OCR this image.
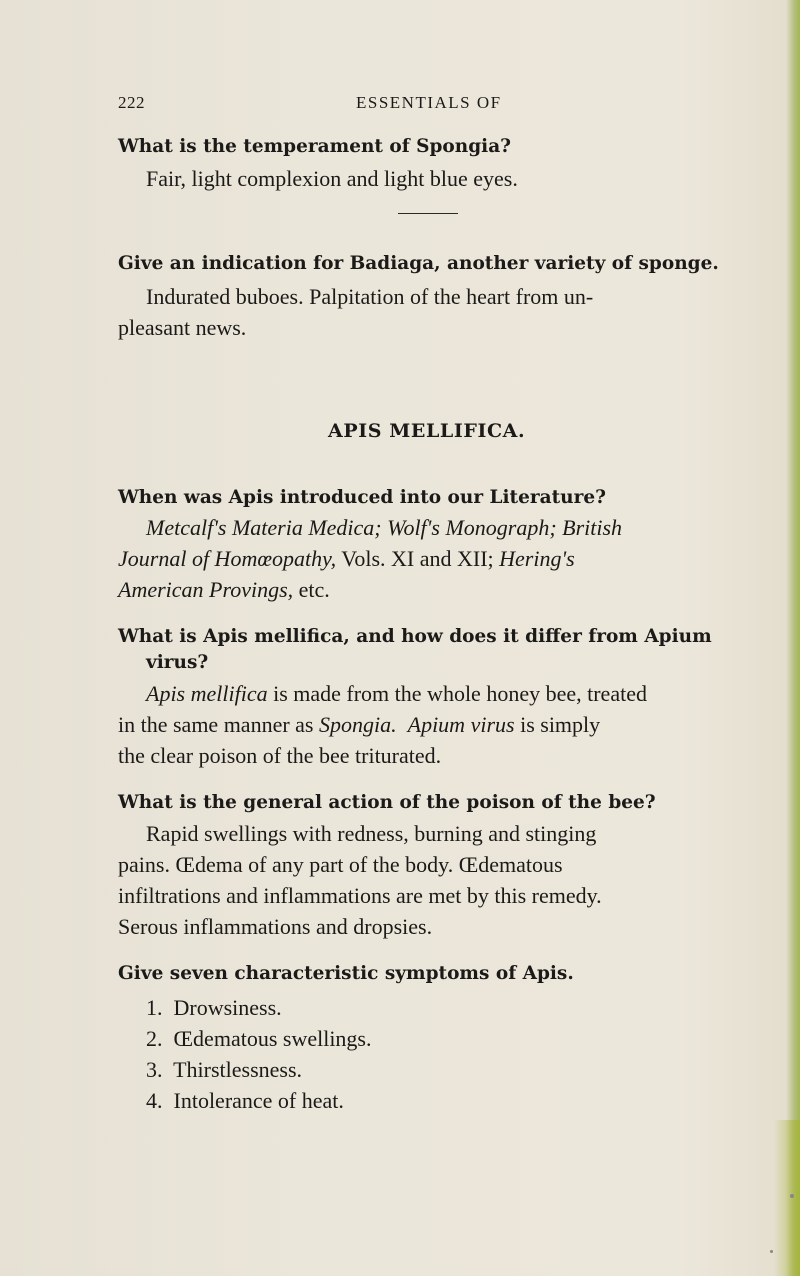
222	ESSENTIALS OF
What is the temperament of Spongia?
Fair, light complexion and light blue eyes.
Give an indication for Badiaga, another variety of sponge.
Indurated buboes. Palpitation of the heart from un-
pleasant news.
APIS MELLIFICA.
When was Apis introduced into our Literature?
Metcalf's Materia Medica; Wolf's Monograph; British
Journal of Homœopathy, Vols. XI and XII; Hering's
American Provings, etc.
What is Apis mellifica, and how does it differ from Apium
virus?
Apis mellifica is made from the whole honey bee, treated
in the same manner as Spongia. Apium virus is simply
the clear poison of the bee triturated.
What is the general action of the poison of the bee?
Rapid swellings with redness, burning and stinging
pains. Œdema of any part of the body. Œdematous
infiltrations and inflammations are met by this remedy.
Serous inflammations and dropsies.
Give seven characteristic symptoms of Apis.
1. Drowsiness.
2. Œdematous swellings.
3. Thirstlessness.
4. Intolerance of heat.
